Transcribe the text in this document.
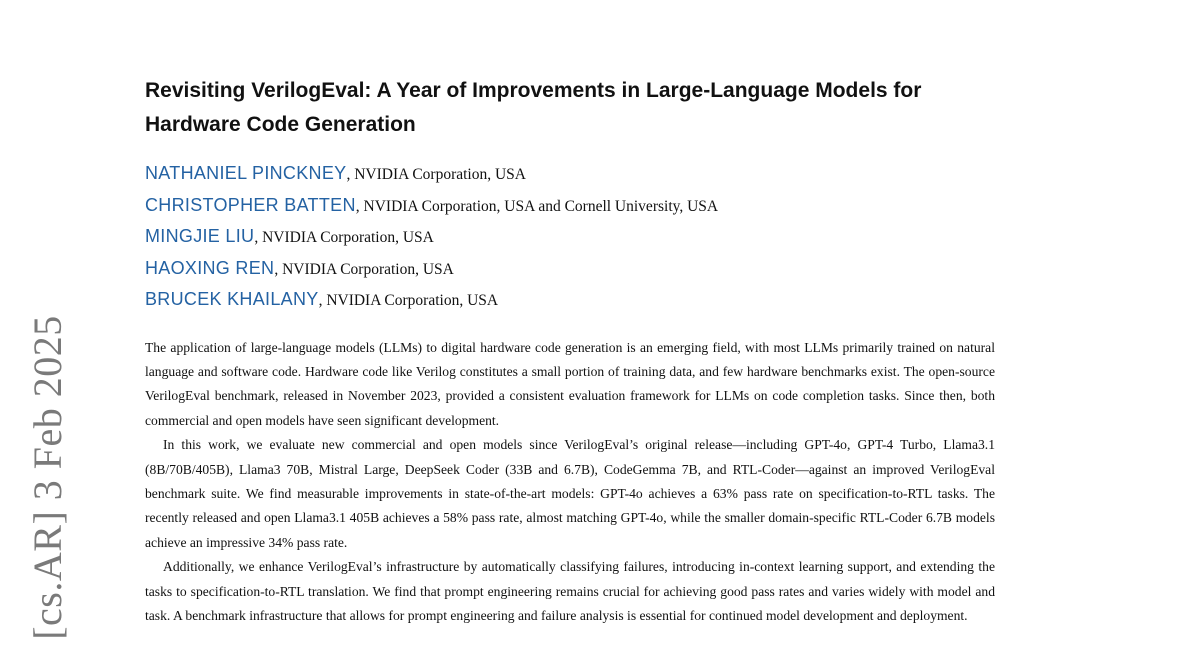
[cs.AR] 3 Feb 2025
Revisiting VerilogEval: A Year of Improvements in Large-Language Models for Hardware Code Generation
NATHANIEL PINCKNEY, NVIDIA Corporation, USA
CHRISTOPHER BATTEN, NVIDIA Corporation, USA and Cornell University, USA
MINGJIE LIU, NVIDIA Corporation, USA
HAOXING REN, NVIDIA Corporation, USA
BRUCEK KHAILANY, NVIDIA Corporation, USA

The application of large-language models (LLMs) to digital hardware code generation is an emerging field, with most LLMs primarily trained on natural language and software code. Hardware code like Verilog constitutes a small portion of training data, and few hardware benchmarks exist. The open-source VerilogEval benchmark, released in November 2023, provided a consistent evaluation framework for LLMs on code completion tasks. Since then, both commercial and open models have seen significant development.

In this work, we evaluate new commercial and open models since VerilogEval’s original release—including GPT-4o, GPT-4 Turbo, Llama3.1 (8B/70B/405B), Llama3 70B, Mistral Large, DeepSeek Coder (33B and 6.7B), CodeGemma 7B, and RTL-Coder—against an improved VerilogEval benchmark suite. We find measurable improvements in state-of-the-art models: GPT-4o achieves a 63% pass rate on specification-to-RTL tasks. The recently released and open Llama3.1 405B achieves a 58% pass rate, almost matching GPT-4o, while the smaller domain-specific RTL-Coder 6.7B models achieve an impressive 34% pass rate.

Additionally, we enhance VerilogEval’s infrastructure by automatically classifying failures, introducing in-context learning support, and extending the tasks to specification-to-RTL translation. We find that prompt engineering remains crucial for achieving good pass rates and varies widely with model and task. A benchmark infrastructure that allows for prompt engineering and failure analysis is essential for continued model development and deployment.
